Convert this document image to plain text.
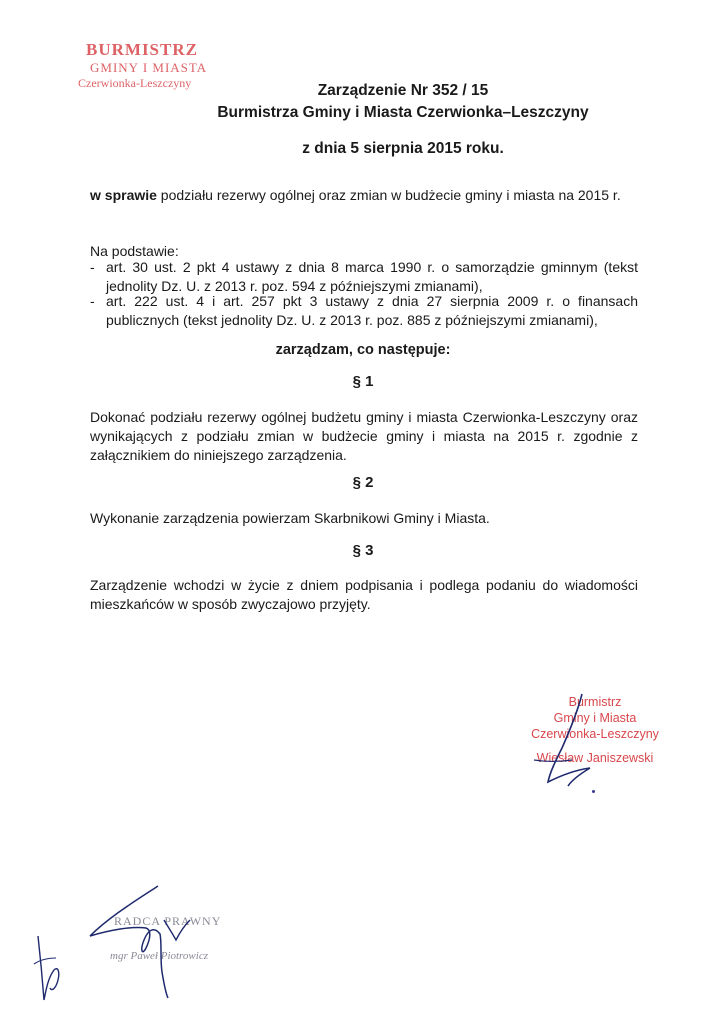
BURMISTRZ
GMINY I MIASTA
Czerwionka-Leszczyny	Zarządzenie Nr 352 / 15
Burmistrza Gminy i Miasta Czerwionka–Leszczyny
z dnia 5 sierpnia 2015 roku.
w sprawie podziału rezerwy ogólnej oraz zmian w budżecie gminy i miasta na 2015 r.
Na podstawie:
- art. 30 ust. 2 pkt 4 ustawy z dnia 8 marca 1990 r. o samorządzie gminnym (tekst jednolity Dz. U. z 2013 r. poz. 594 z późniejszymi zmianami),
- art. 222 ust. 4 i art. 257 pkt 3 ustawy z dnia 27 sierpnia 2009 r. o finansach publicznych (tekst jednolity Dz. U. z 2013 r. poz. 885 z późniejszymi zmianami),
zarządzam, co następuje:
§ 1
Dokonać podziału rezerwy ogólnej budżetu gminy i miasta Czerwionka-Leszczyny oraz wynikających z podziału zmian w budżecie gminy i miasta na 2015 r. zgodnie z załącznikiem do niniejszego zarządzenia.
§ 2
Wykonanie zarządzenia powierzam Skarbnikowi Gminy i Miasta.
§ 3
Zarządzenie wchodzi w życie z dniem podpisania i podlega podaniu do wiadomości mieszkańców w sposób zwyczajowo przyjęty.
Burmistrz
Gminy i Miasta
Czerwionka-Leszczyny
Wiesław Janiszewski
RADCA PRAWNY
mgr Paweł Piotrowicz
